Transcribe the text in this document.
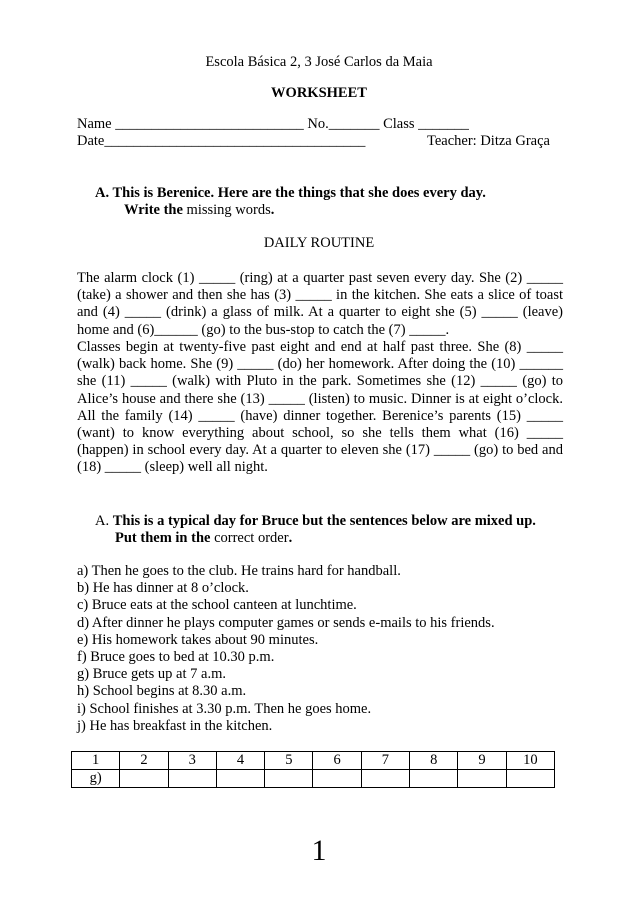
Escola Básica 2, 3 José Carlos da Maia
WORKSHEET
Name __________________________ No._______ Class _______
Date____________________________________	Teacher: Ditza Graça
A. This is Berenice. Here are the things that she does every day.
Write the missing words.
DAILY ROUTINE
The alarm clock (1) _____ (ring) at a quarter past seven every day. She (2) _____ (take) a shower and then she has (3) _____ in the kitchen. She eats a slice of toast and (4) _____ (drink) a glass of milk. At a quarter to eight she (5) _____ (leave) home and (6)______ (go) to the bus-stop to catch the (7) _____.
Classes begin at twenty-five past eight and end at half past three. She (8) _____ (walk) back home. She (9) _____ (do) her homework. After doing the (10) ______ she (11) _____ (walk) with Pluto in the park. Sometimes she (12) _____ (go) to Alice’s house and there she (13) _____ (listen) to music. Dinner is at eight o’clock. All the family (14) _____ (have) dinner together. Berenice’s parents (15) _____ (want) to know everything about school, so she tells them what (16) _____ (happen) in school every day. At a quarter to eleven she (17) _____ (go) to bed and (18) _____ (sleep) well all night.
A. This is a typical day for Bruce but the sentences below are mixed up.
Put them in the correct order.
a) Then he goes to the club. He trains hard for handball.
b) He has dinner at 8 o’clock.
c) Bruce eats at the school canteen at lunchtime.
d) After dinner he plays computer games or sends e-mails to his friends.
e) His homework takes about 90 minutes.
f) Bruce goes to bed at 10.30 p.m.
g) Bruce gets up at 7 a.m.
h) School begins at 8.30 a.m.
i) School finishes at 3.30 p.m. Then he goes home.
j) He has breakfast in the kitchen.
1	2	3	4	5	6	7	8	9	10
g)									
1
